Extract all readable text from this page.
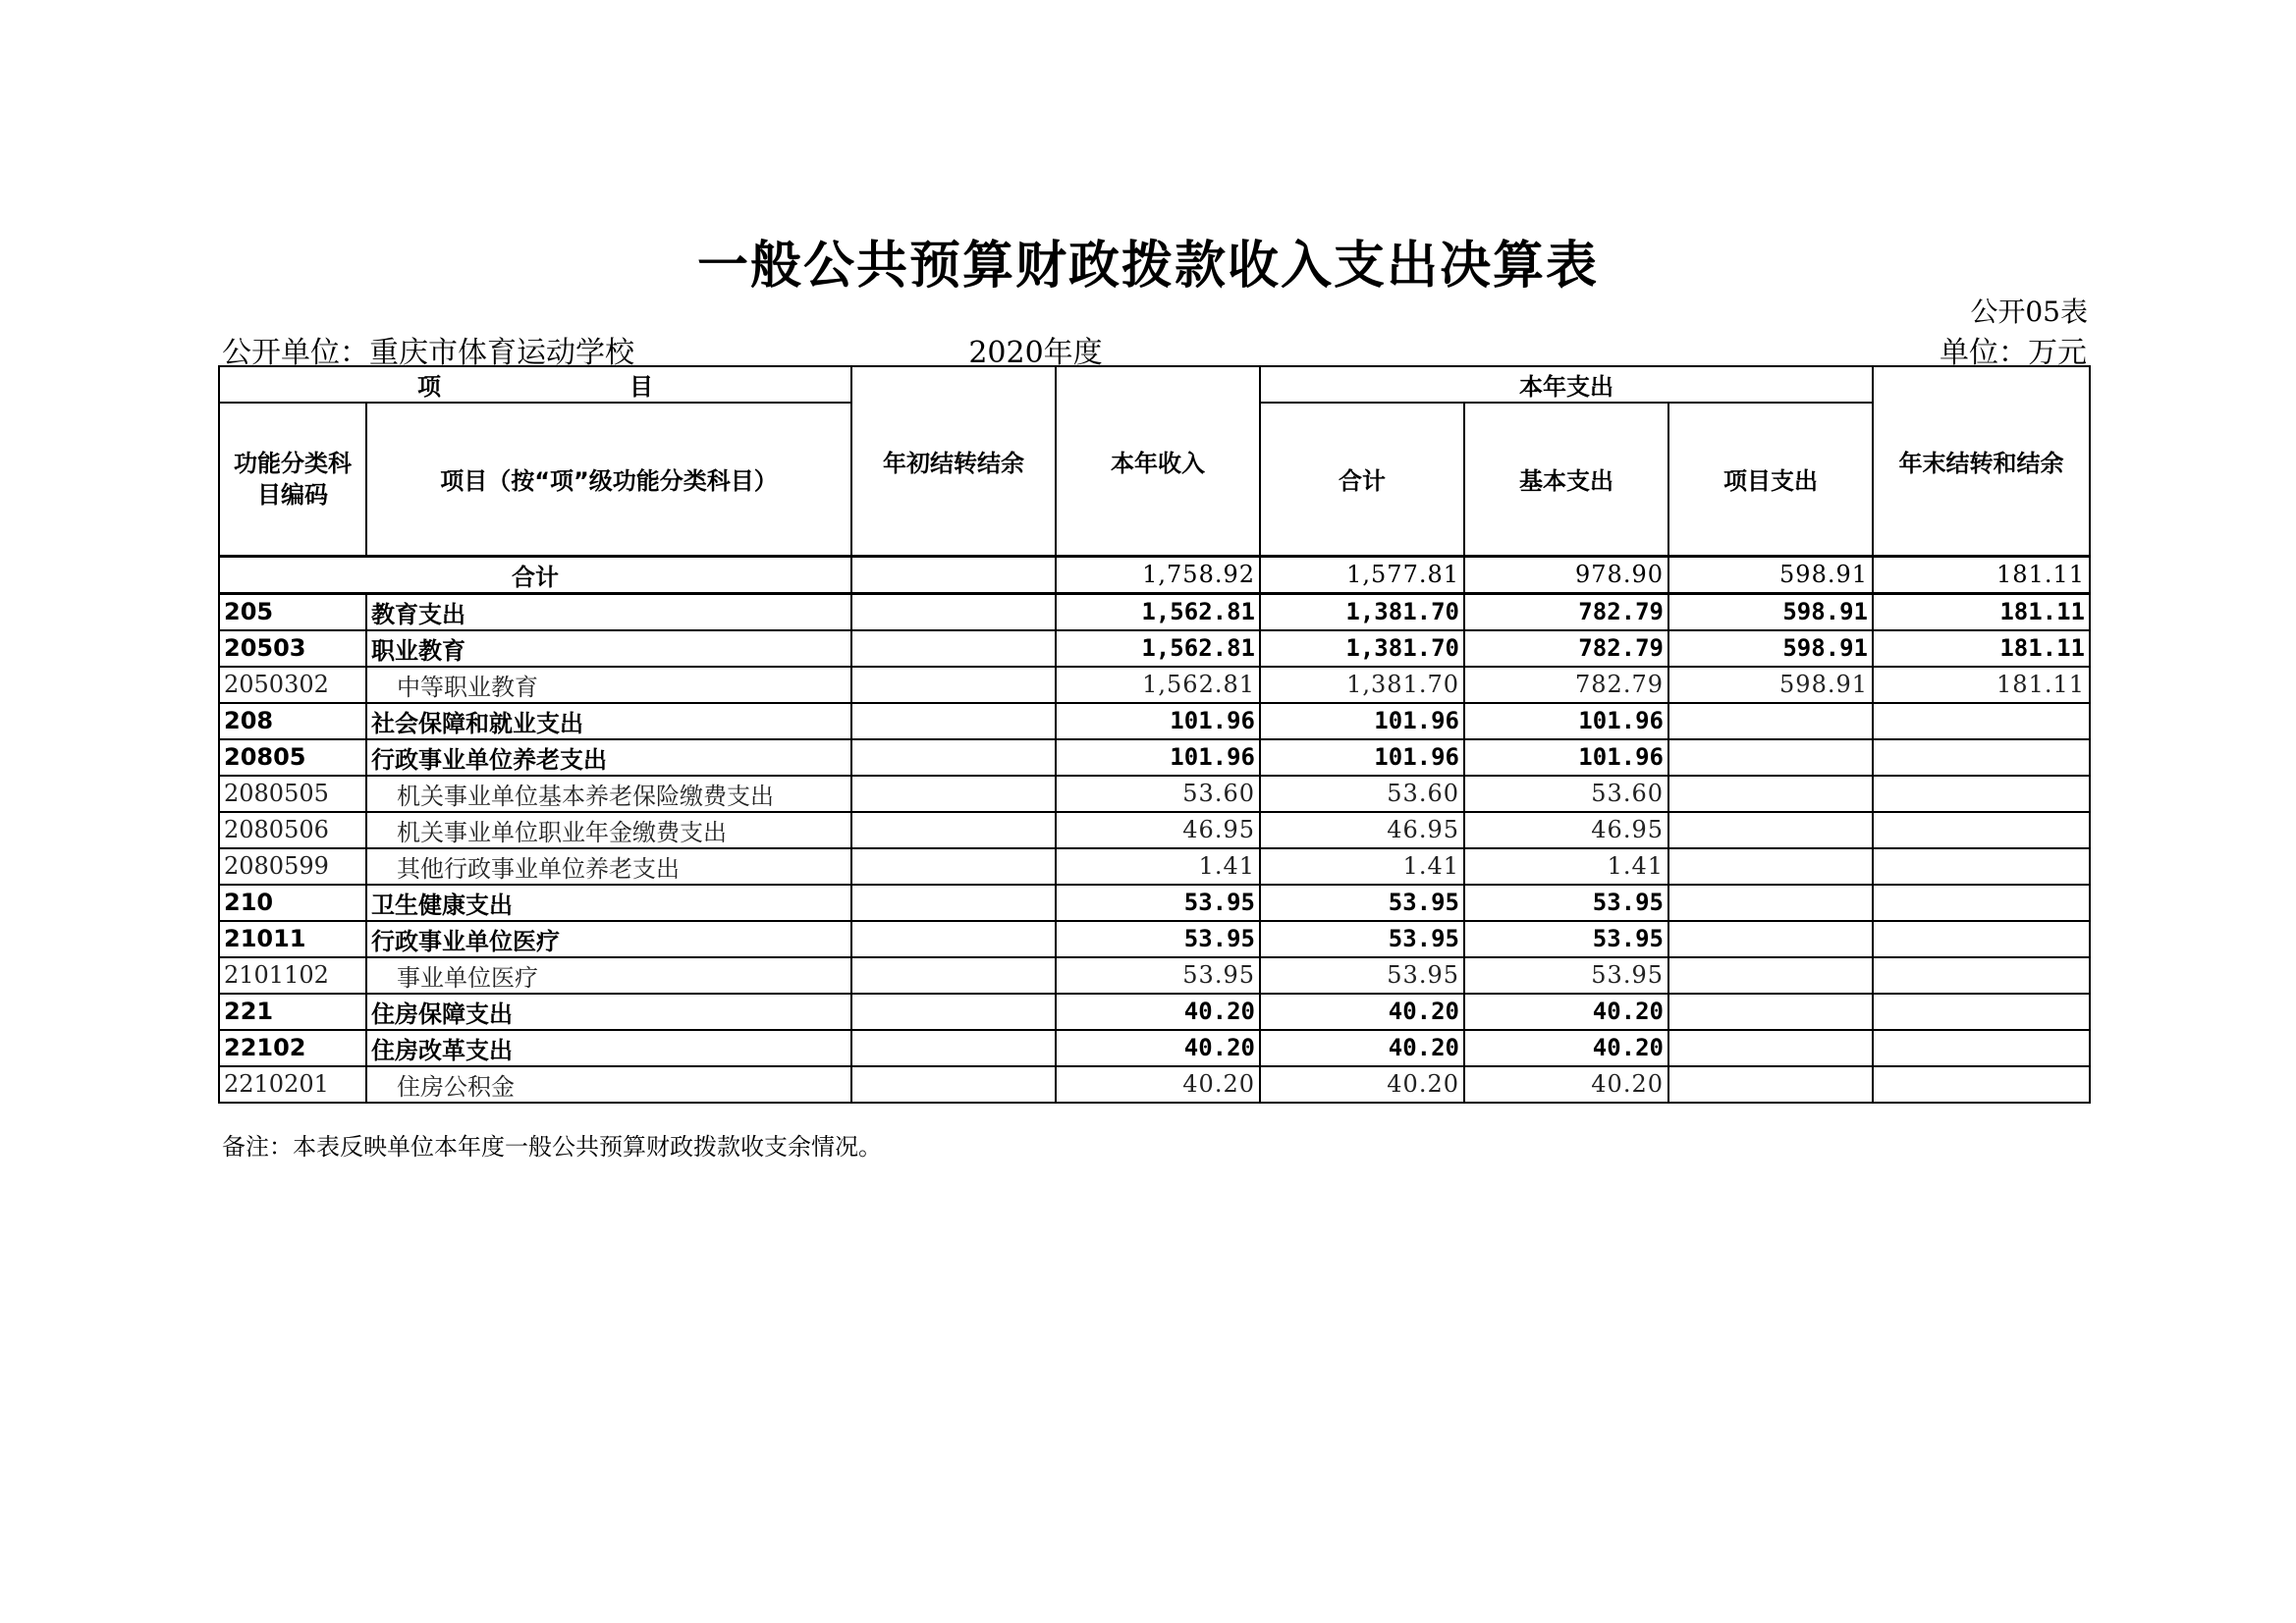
一般公共预算财政拨款收入支出决算表
公开05表
公开单位：重庆市体育运动学校	2020年度	单位：万元
项　　　　　　　　目		年初结转结余	本年收入	本年支出			年末结转和结余
功能分类科目编码	项目（按“项”级功能分类科目）			合计	基本支出	项目支出	
合计			1,758.92	1,577.81	978.90	598.91	181.11
205	教育支出		1,562.81	1,381.70	782.79	598.91	181.11
20503	职业教育		1,562.81	1,381.70	782.79	598.91	181.11
2050302	中等职业教育		1,562.81	1,381.70	782.79	598.91	181.11
208	社会保障和就业支出		101.96	101.96	101.96		
20805	行政事业单位养老支出		101.96	101.96	101.96		
2080505	机关事业单位基本养老保险缴费支出		53.60	53.60	53.60		
2080506	机关事业单位职业年金缴费支出		46.95	46.95	46.95		
2080599	其他行政事业单位养老支出		1.41	1.41	1.41		
210	卫生健康支出		53.95	53.95	53.95		
21011	行政事业单位医疗		53.95	53.95	53.95		
2101102	事业单位医疗		53.95	53.95	53.95		
221	住房保障支出		40.20	40.20	40.20		
22102	住房改革支出		40.20	40.20	40.20		
2210201	住房公积金		40.20	40.20	40.20		
备注：本表反映单位本年度一般公共预算财政拨款收支余情况。
